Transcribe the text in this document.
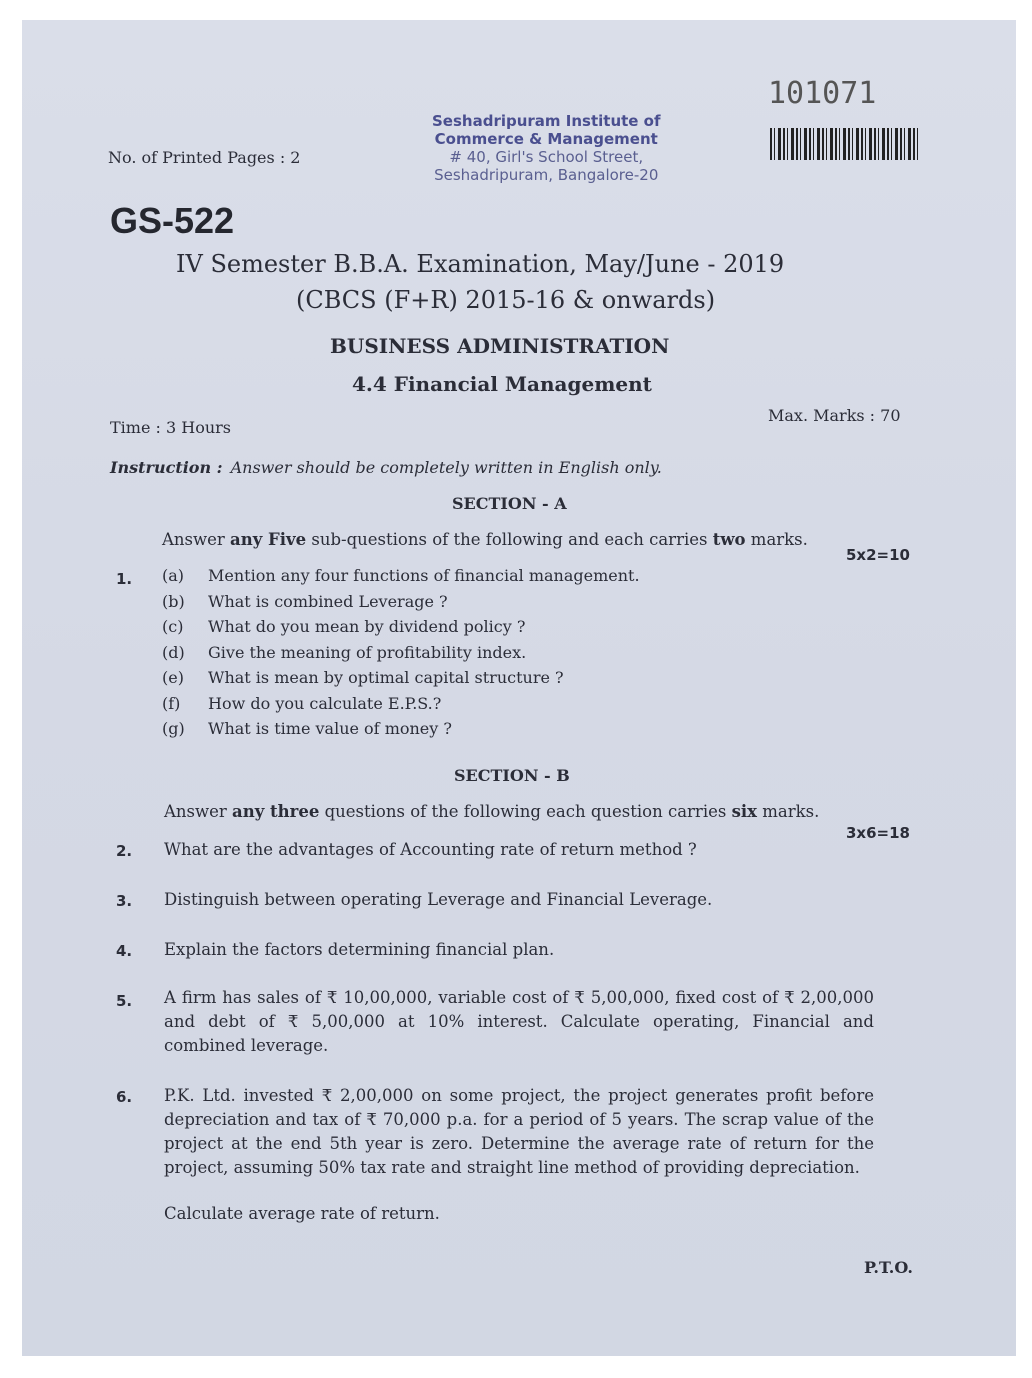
No. of Printed Pages : 2
GS-522
Seshadripuram Institute of
Commerce & Management
# 40, Girl's School Street,
Seshadripuram, Bangalore-20
101071
IV Semester B.B.A. Examination, May/June - 2019
(CBCS (F+R) 2015-16 & onwards)
BUSINESS ADMINISTRATION
4.4 Financial Management
Time : 3 Hours
Max. Marks : 70
Instruction : Answer should be completely written in English only.
SECTION - A
Answer any Five sub-questions of the following and each carries two marks.
5x2=10
1. (a)	Mention any four functions of financial management.
(b)	What is combined Leverage ?
(c)	What do you mean by dividend policy ?
(d)	Give the meaning of profitability index.
(e)	What is mean by optimal capital structure ?
(f)	How do you calculate E.P.S.?
(g)	What is time value of money ?
SECTION - B
Answer any three questions of the following each question carries six marks.
3x6=18
2. What are the advantages of Accounting rate of return method ?
3. Distinguish between operating Leverage and Financial Leverage.
4. Explain the factors determining financial plan.
5. A firm has sales of ₹ 10,00,000, variable cost of ₹ 5,00,000, fixed cost of ₹ 2,00,000 and debt of ₹ 5,00,000 at 10% interest. Calculate operating, Financial and combined leverage.
6. P.K. Ltd. invested ₹ 2,00,000 on some project, the project generates profit before depreciation and tax of ₹ 70,000 p.a. for a period of 5 years. The scrap value of the project at the end 5th year is zero. Determine the average rate of return for the project, assuming 50% tax rate and straight line method of providing depreciation.
Calculate average rate of return.
P.T.O.
